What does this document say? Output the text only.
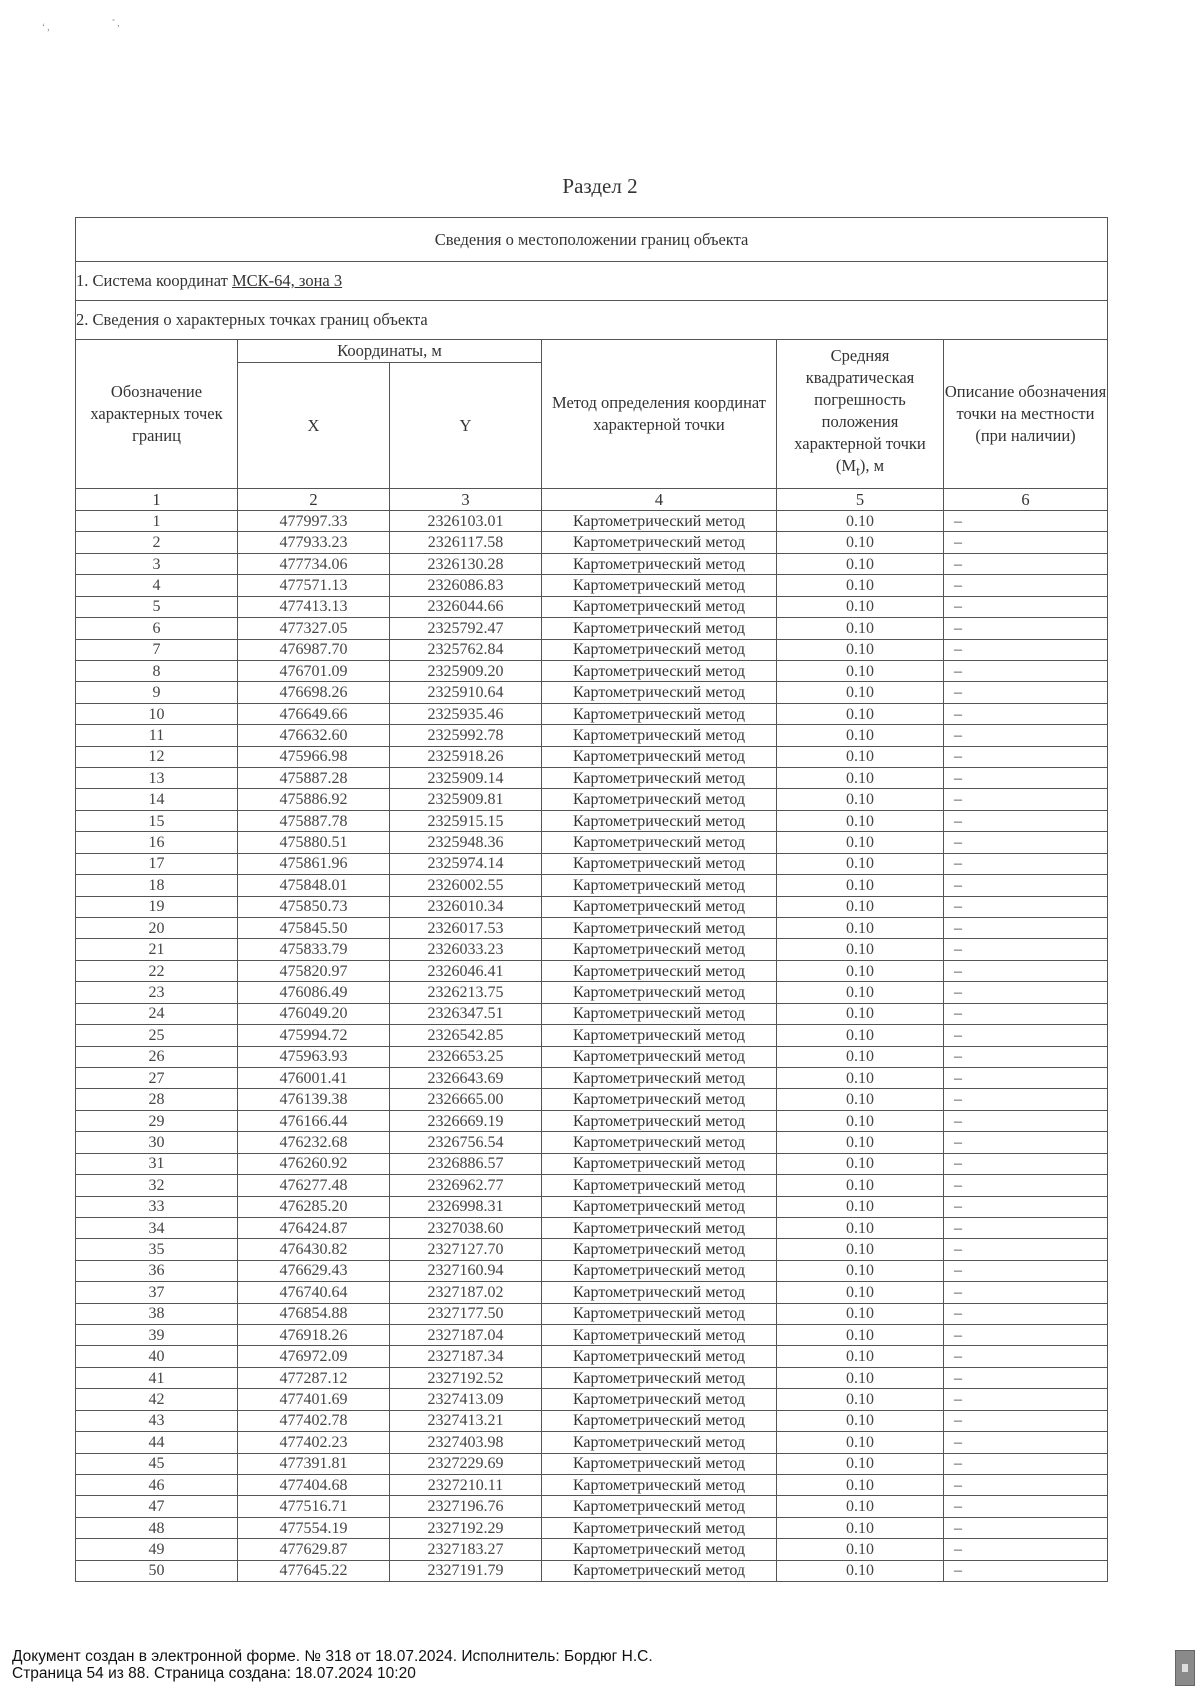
‘ ,	˚ ,
Раздел 2
Сведения о местоположении границ объекта					
1. Система координат МСК-64, зона 3					
2. Сведения о характерных точках границ объекта					
Обозначение характерных точек границ	Координаты, м		Метод определения координат характерной точки	Средняя квадратическая погрешность положения характерной точки $(M_t)$, м	Описание обозначения точки на местности (при наличии)
	X	Y			
1	2	3	4	5	6
1	477997.33	2326103.01	Картометрический метод	0.10	–
2	477933.23	2326117.58	Картометрический метод	0.10	–
3	477734.06	2326130.28	Картометрический метод	0.10	–
4	477571.13	2326086.83	Картометрический метод	0.10	–
5	477413.13	2326044.66	Картометрический метод	0.10	–
6	477327.05	2325792.47	Картометрический метод	0.10	–
7	476987.70	2325762.84	Картометрический метод	0.10	–
8	476701.09	2325909.20	Картометрический метод	0.10	–
9	476698.26	2325910.64	Картометрический метод	0.10	–
10	476649.66	2325935.46	Картометрический метод	0.10	–
11	476632.60	2325992.78	Картометрический метод	0.10	–
12	475966.98	2325918.26	Картометрический метод	0.10	–
13	475887.28	2325909.14	Картометрический метод	0.10	–
14	475886.92	2325909.81	Картометрический метод	0.10	–
15	475887.78	2325915.15	Картометрический метод	0.10	–
16	475880.51	2325948.36	Картометрический метод	0.10	–
17	475861.96	2325974.14	Картометрический метод	0.10	–
18	475848.01	2326002.55	Картометрический метод	0.10	–
19	475850.73	2326010.34	Картометрический метод	0.10	–
20	475845.50	2326017.53	Картометрический метод	0.10	–
21	475833.79	2326033.23	Картометрический метод	0.10	–
22	475820.97	2326046.41	Картометрический метод	0.10	–
23	476086.49	2326213.75	Картометрический метод	0.10	–
24	476049.20	2326347.51	Картометрический метод	0.10	–
25	475994.72	2326542.85	Картометрический метод	0.10	–
26	475963.93	2326653.25	Картометрический метод	0.10	–
27	476001.41	2326643.69	Картометрический метод	0.10	–
28	476139.38	2326665.00	Картометрический метод	0.10	–
29	476166.44	2326669.19	Картометрический метод	0.10	–
30	476232.68	2326756.54	Картометрический метод	0.10	–
31	476260.92	2326886.57	Картометрический метод	0.10	–
32	476277.48	2326962.77	Картометрический метод	0.10	–
33	476285.20	2326998.31	Картометрический метод	0.10	–
34	476424.87	2327038.60	Картометрический метод	0.10	–
35	476430.82	2327127.70	Картометрический метод	0.10	–
36	476629.43	2327160.94	Картометрический метод	0.10	–
37	476740.64	2327187.02	Картометрический метод	0.10	–
38	476854.88	2327177.50	Картометрический метод	0.10	–
39	476918.26	2327187.04	Картометрический метод	0.10	–
40	476972.09	2327187.34	Картометрический метод	0.10	–
41	477287.12	2327192.52	Картометрический метод	0.10	–
42	477401.69	2327413.09	Картометрический метод	0.10	–
43	477402.78	2327413.21	Картометрический метод	0.10	–
44	477402.23	2327403.98	Картометрический метод	0.10	–
45	477391.81	2327229.69	Картометрический метод	0.10	–
46	477404.68	2327210.11	Картометрический метод	0.10	–
47	477516.71	2327196.76	Картометрический метод	0.10	–
48	477554.19	2327192.29	Картометрический метод	0.10	–
49	477629.87	2327183.27	Картометрический метод	0.10	–
50	477645.22	2327191.79	Картометрический метод	0.10	–
Документ создан в электронной форме. № 318 от 18.07.2024. Исполнитель: Бордюг Н.С.
Страница 54 из 88. Страница создана: 18.07.2024 10:20
